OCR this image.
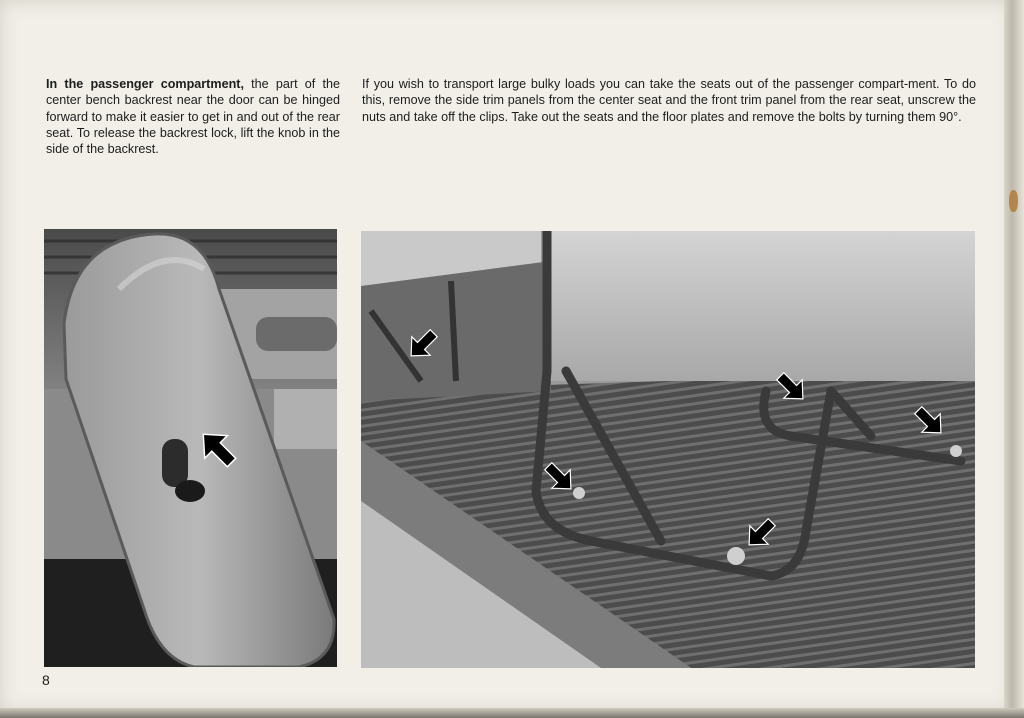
In the passenger compartment, the part of the center bench backrest near the door can be hinged forward to make it easier to get in and out of the rear seat. To release the backrest lock, lift the knob in the side of the backrest.
If you wish to transport large bulky loads you can take the seats out of the passenger compart-ment. To do this, remove the side trim panels from the center seat and the front trim panel from the rear seat, unscrew the nuts and take off the clips. Take out the seats and the floor plates and remove the bolts by turning them 90°.
8
